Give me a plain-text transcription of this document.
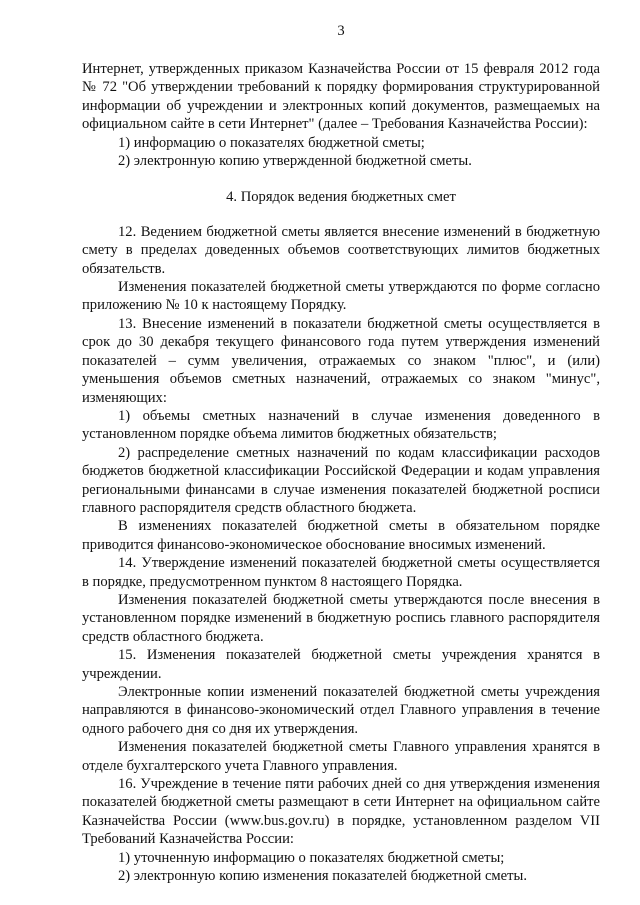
3

Интернет, утвержденных приказом Казначейства России от 15 февраля 2012 года № 72 "Об утверждении требований к порядку формирования структурированной информации об учреждении и электронных копий документов, размещаемых на официальном сайте в сети Интернет" (далее – Требования Казначейства России):

1) информацию о показателях бюджетной сметы;

2) электронную копию утвержденной бюджетной сметы.

4. Порядок ведения бюджетных смет

12. Ведением бюджетной сметы является внесение изменений в бюджетную смету в пределах доведенных объемов соответствующих лимитов бюджетных обязательств.

Изменения показателей бюджетной сметы утверждаются по форме согласно приложению № 10 к настоящему Порядку.

13. Внесение изменений в показатели бюджетной сметы осуществляется в срок до 30 декабря текущего финансового года путем утверждения изменений показателей – сумм увеличения, отражаемых со знаком "плюс", и (или) уменьшения объемов сметных назначений, отражаемых со знаком "минус", изменяющих:

1) объемы сметных назначений в случае изменения доведенного в установленном порядке объема лимитов бюджетных обязательств;

2) распределение сметных назначений по кодам классификации расходов бюджетов бюджетной классификации Российской Федерации и кодам управления региональными финансами в случае изменения показателей бюджетной росписи главного распорядителя средств областного бюджета.

В изменениях показателей бюджетной сметы в обязательном порядке приводится финансово-экономическое обоснование вносимых изменений.

14. Утверждение изменений показателей бюджетной сметы осуществляется в порядке, предусмотренном пунктом 8 настоящего Порядка.

Изменения показателей бюджетной сметы утверждаются после внесения в установленном порядке изменений в бюджетную роспись главного распорядителя средств областного бюджета.

15. Изменения показателей бюджетной сметы учреждения хранятся в учреждении.

Электронные копии изменений показателей бюджетной сметы учреждения направляются в финансово-экономический отдел Главного управления в течение одного рабочего дня со дня их утверждения.

Изменения показателей бюджетной сметы Главного управления хранятся в отделе бухгалтерского учета Главного управления.

16. Учреждение в течение пяти рабочих дней со дня утверждения изменения показателей бюджетной сметы размещают в сети Интернет на официальном сайте Казначейства России (www.bus.gov.ru) в порядке, установленном разделом VII Требований Казначейства России:

1) уточненную информацию о показателях бюджетной сметы;

2) электронную копию изменения показателей бюджетной сметы.
